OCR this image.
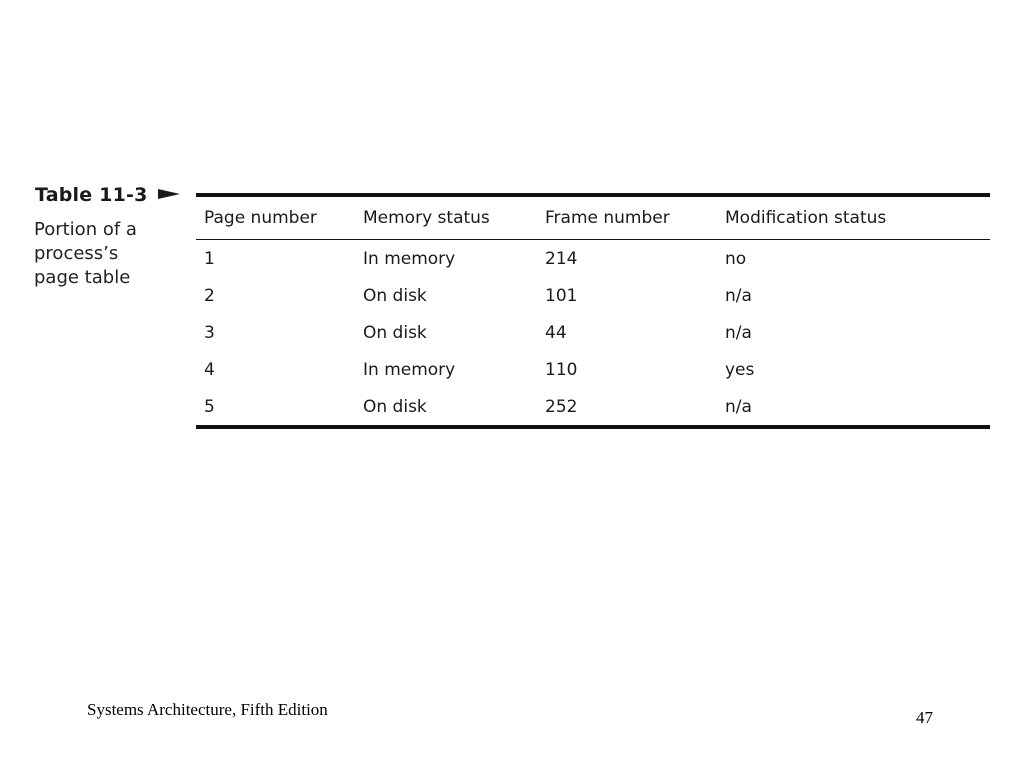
Table 11-3
Portion of a process’s page table
Page number	Memory status	Frame number	Modification status
1	In memory	214	no
2	On disk	101	n/a
3	On disk	44	n/a
4	In memory	110	yes
5	On disk	252	n/a
Systems Architecture, Fifth Edition	47
